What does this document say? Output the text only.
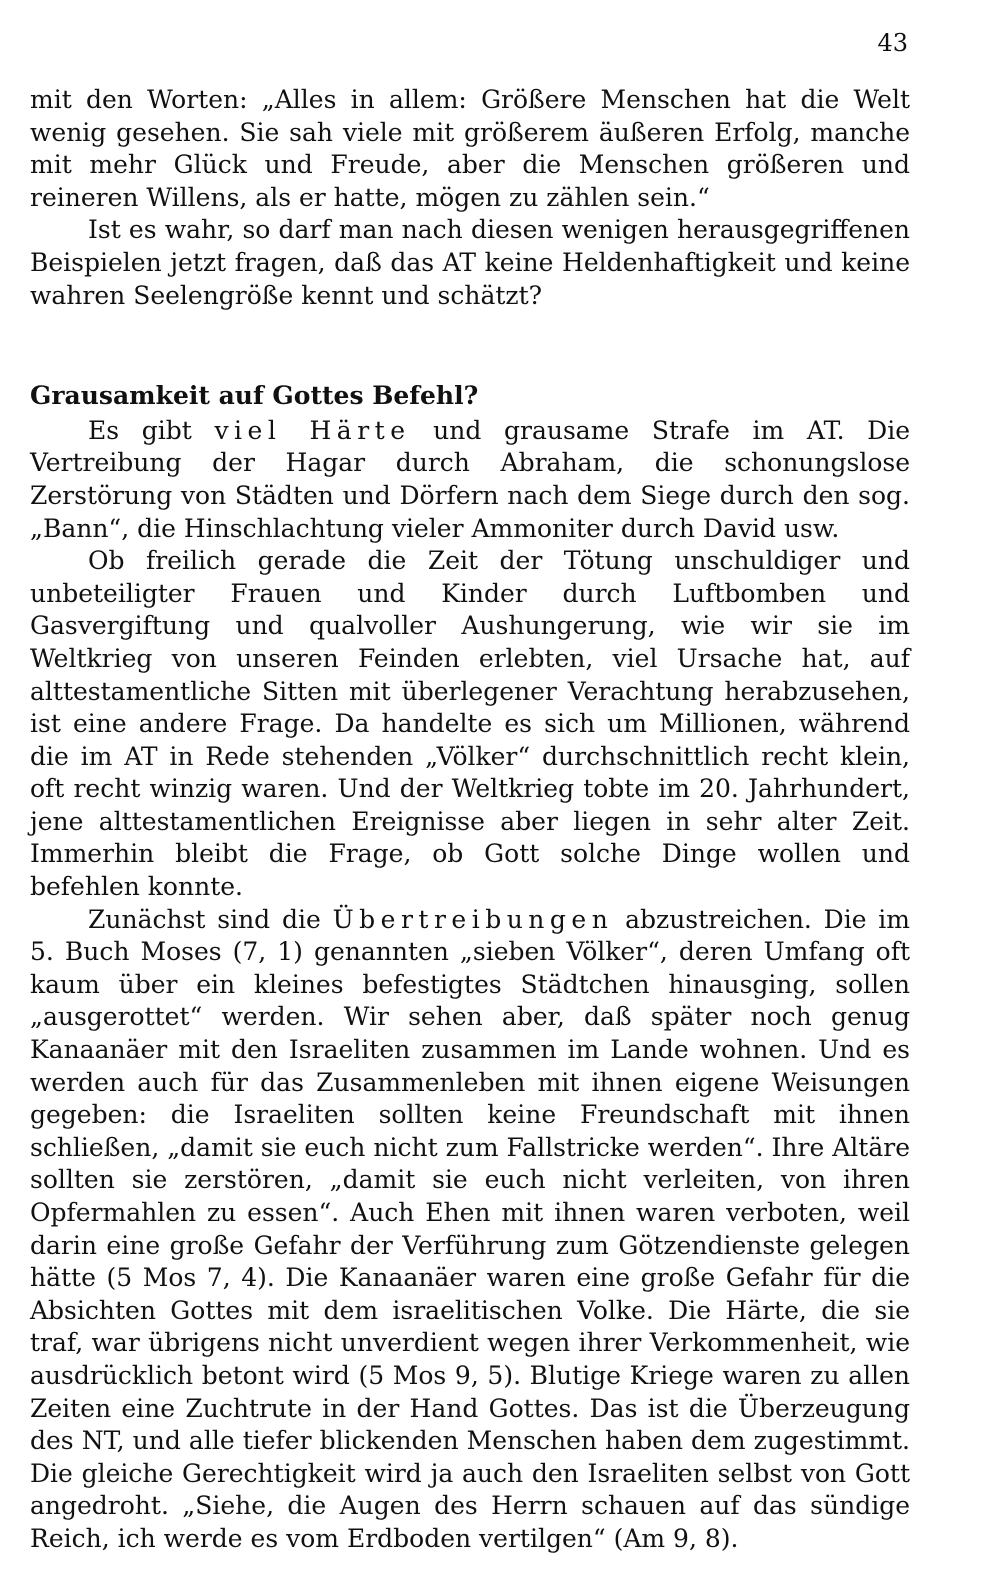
43

mit den Worten: „Alles in allem: Größere Menschen hat die Welt wenig gesehen. Sie sah viele mit größerem äußeren Erfolg, manche mit mehr Glück und Freude, aber die Menschen größeren und reineren Willens, als er hatte, mögen zu zählen sein.“

Ist es wahr, so darf man nach diesen wenigen herausgegriffenen Beispielen jetzt fragen, daß das AT keine Heldenhaftigkeit und keine wahren Seelengröße kennt und schätzt?

Grausamkeit auf Gottes Befehl?

Es gibt viel Härte und grausame Strafe im AT. Die Vertreibung der Hagar durch Abraham, die schonungslose Zerstörung von Städten und Dörfern nach dem Siege durch den sog. „Bann“, die Hinschlachtung vieler Ammoniter durch David usw.

Ob freilich gerade die Zeit der Tötung unschuldiger und unbeteiligter Frauen und Kinder durch Luftbomben und Gasvergiftung und qualvoller Aushungerung, wie wir sie im Weltkrieg von unseren Feinden erlebten, viel Ursache hat, auf alttestamentliche Sitten mit überlegener Verachtung herabzusehen, ist eine andere Frage. Da handelte es sich um Millionen, während die im AT in Rede stehenden „Völker“ durchschnittlich recht klein, oft recht winzig waren. Und der Weltkrieg tobte im 20. Jahrhundert, jene alttestamentlichen Ereignisse aber liegen in sehr alter Zeit. Immerhin bleibt die Frage, ob Gott solche Dinge wollen und befehlen konnte.

Zunächst sind die Übertreibungen abzustreichen. Die im 5. Buch Moses (7, 1) genannten „sieben Völker“, deren Umfang oft kaum über ein kleines befestigtes Städtchen hinausging, sollen „ausgerottet“ werden. Wir sehen aber, daß später noch genug Kanaanäer mit den Israeliten zusammen im Lande wohnen. Und es werden auch für das Zusammenleben mit ihnen eigene Weisungen gegeben: die Israeliten sollten keine Freundschaft mit ihnen schließen, „damit sie euch nicht zum Fallstricke werden“. Ihre Altäre sollten sie zerstören, „damit sie euch nicht verleiten, von ihren Opfermahlen zu essen“. Auch Ehen mit ihnen waren verboten, weil darin eine große Gefahr der Verführung zum Götzendienste gelegen hätte (5 Mos 7, 4). Die Kanaanäer waren eine große Gefahr für die Absichten Gottes mit dem israelitischen Volke. Die Härte, die sie traf, war übrigens nicht unverdient wegen ihrer Verkommenheit, wie ausdrücklich betont wird (5 Mos 9, 5). Blutige Kriege waren zu allen Zeiten eine Zuchtrute in der Hand Gottes. Das ist die Überzeugung des NT, und alle tiefer blickenden Menschen haben dem zugestimmt. Die gleiche Gerechtigkeit wird ja auch den Israeliten selbst von Gott angedroht. „Siehe, die Augen des Herrn schauen auf das sündige Reich, ich werde es vom Erdboden vertilgen“ (Am 9, 8).
